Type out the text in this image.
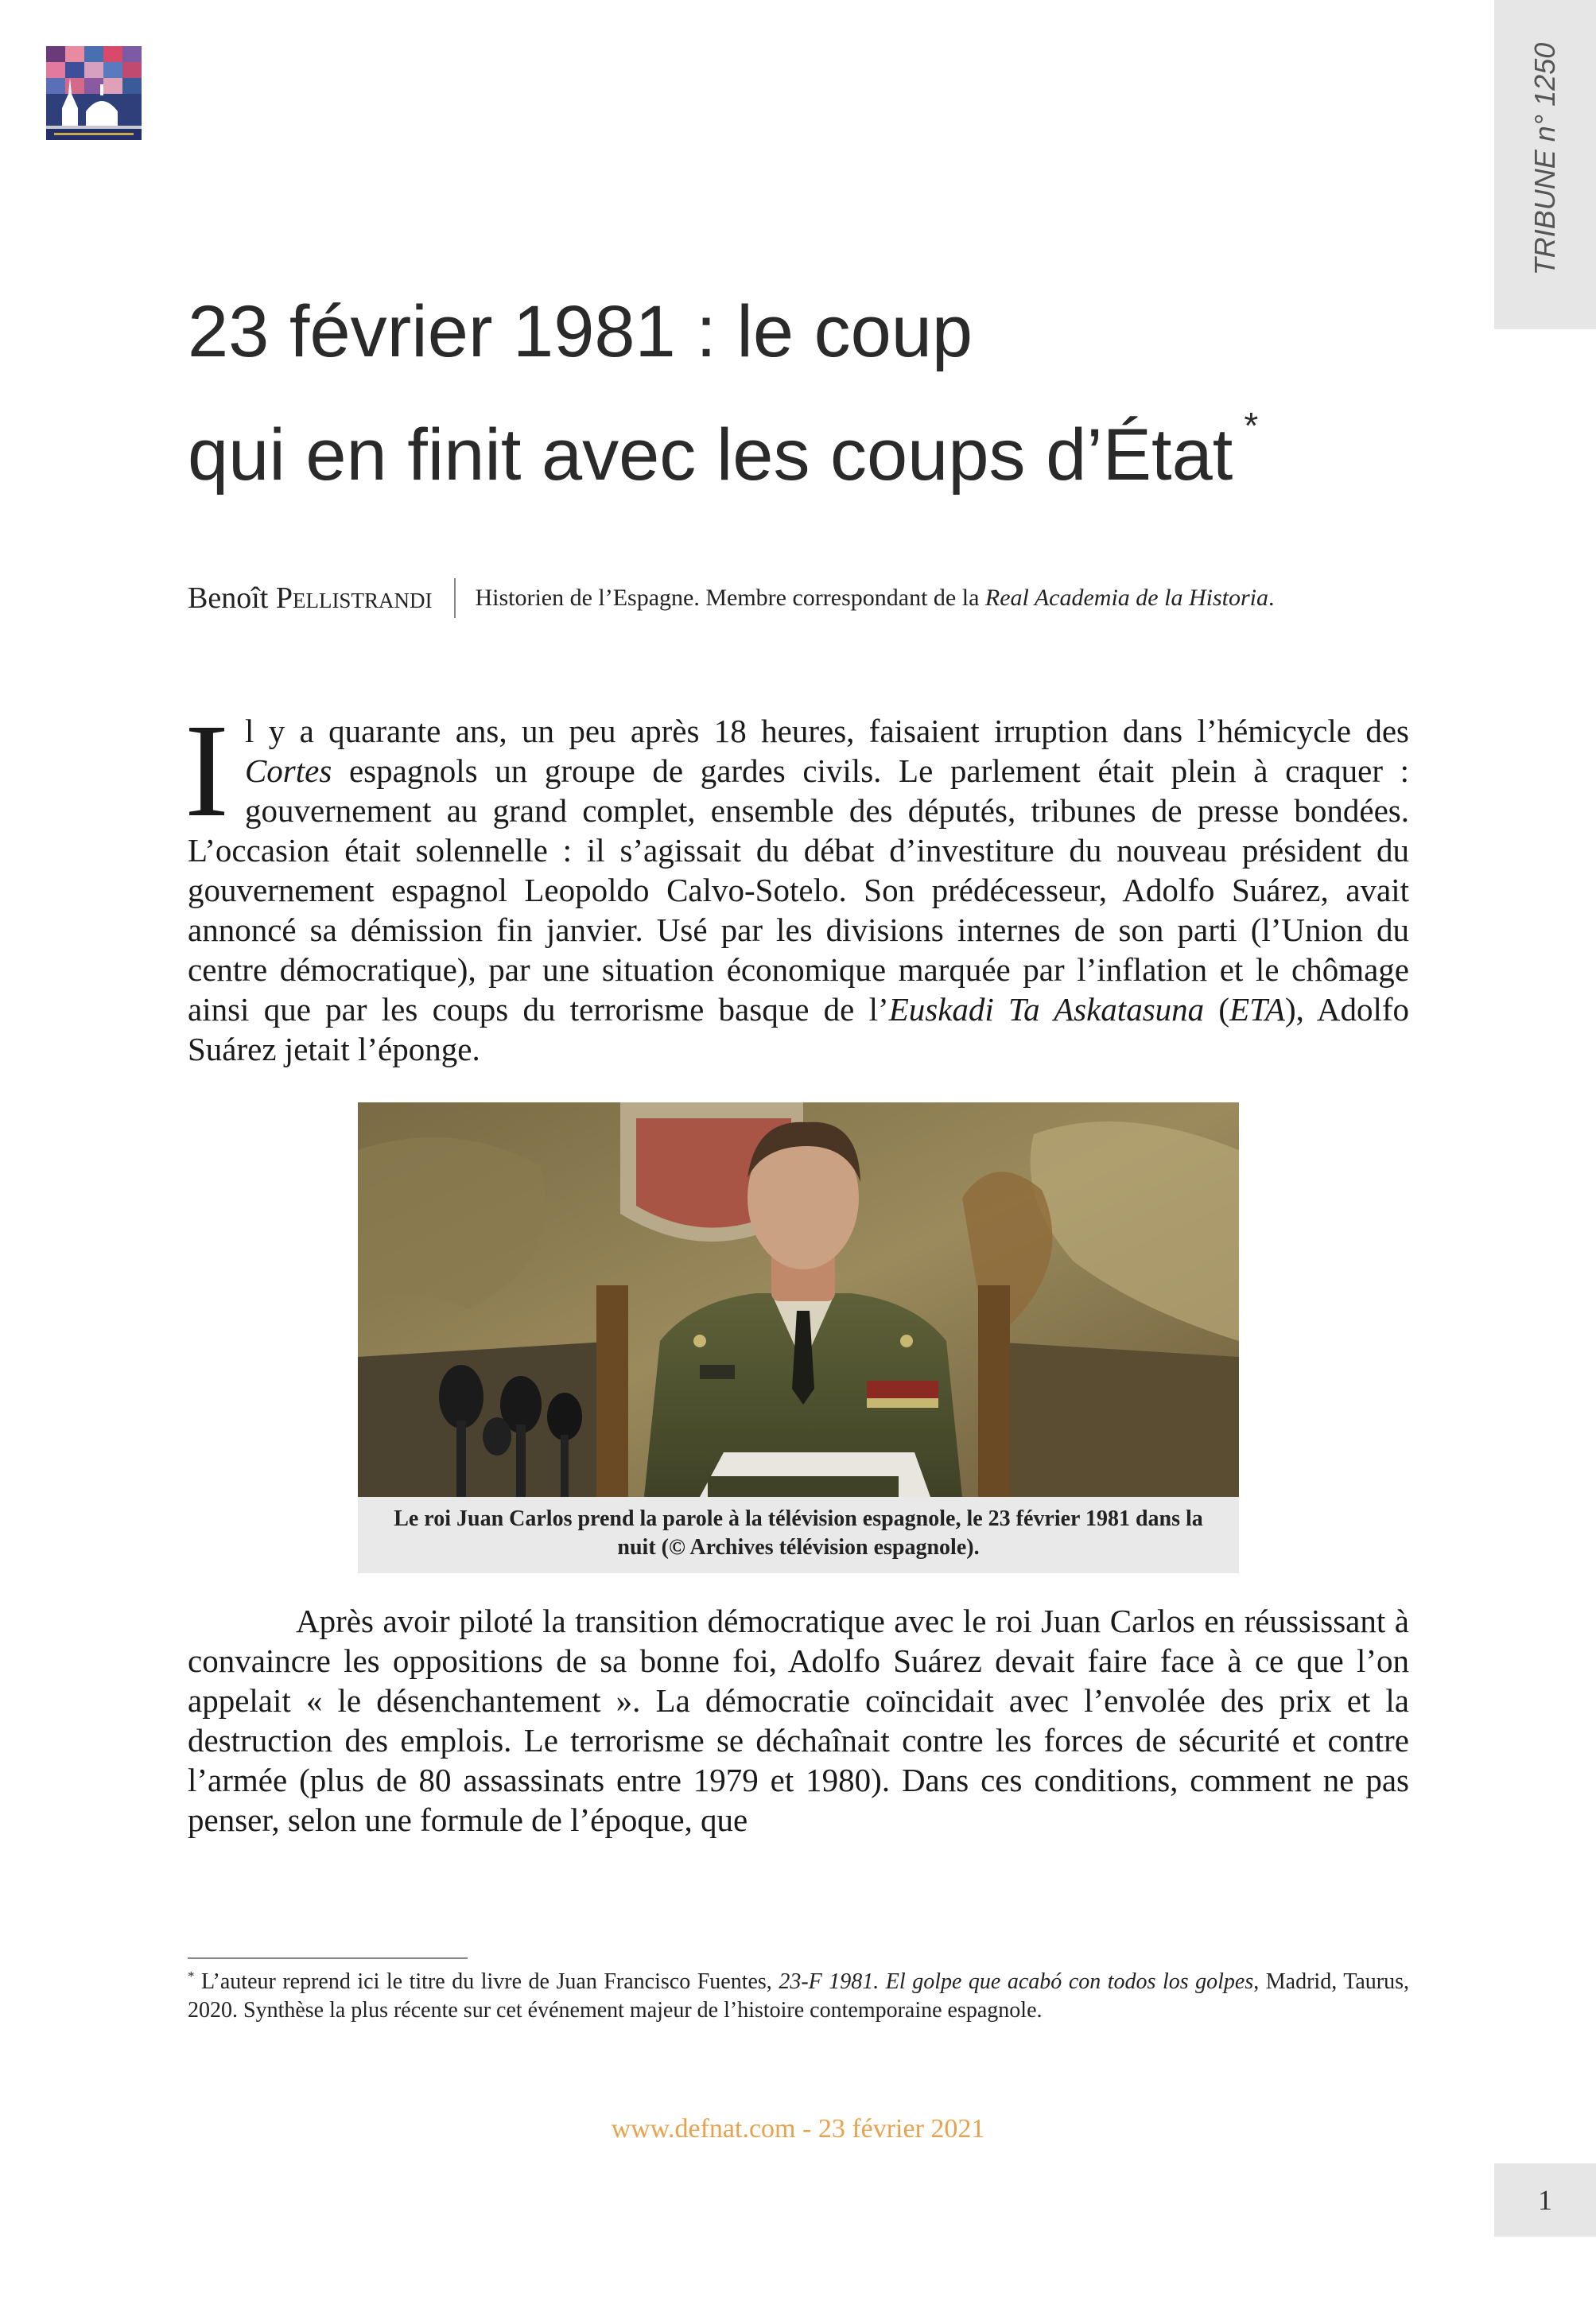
TRIBUNE n° 1250
23 février 1981 : le coup
qui en finit avec les coups d’État *
Benoît Pellistrandi Historien de l’Espagne. Membre correspondant de la Real Academia de la Historia.

Il y a quarante ans, un peu après 18 heures, faisaient irruption dans l’hémicycle des Cortes espagnols un groupe de gardes civils. Le parlement était plein à craquer : gouvernement au grand complet, ensemble des députés, tribunes de presse bondées. L’occasion était solennelle : il s’agissait du débat d’investiture du nouveau président du gouvernement espagnol Leopoldo Calvo-Sotelo. Son prédécesseur, Adolfo Suárez, avait annoncé sa démission fin janvier. Usé par les divisions internes de son parti (l’Union du centre démocratique), par une situation économique marquée par l’inflation et le chômage ainsi que par les coups du terrorisme basque de l’Euskadi Ta Askatasuna (ETA), Adolfo Suárez jetait l’éponge.

Le roi Juan Carlos prend la parole à la télévision espagnole, le 23 février 1981 dans la nuit (© Archives télévision espagnole).

Après avoir piloté la transition démocratique avec le roi Juan Carlos en réussissant à convaincre les oppositions de sa bonne foi, Adolfo Suárez devait faire face à ce que l’on appelait « le désenchantement ». La démocratie coïncidait avec l’envolée des prix et la destruction des emplois. Le terrorisme se déchaînait contre les forces de sécurité et contre l’armée (plus de 80 assassinats entre 1979 et 1980). Dans ces conditions, comment ne pas penser, selon une formule de l’époque, que

* L’auteur reprend ici le titre du livre de Juan Francisco Fuentes, 23-F 1981. El golpe que acabó con todos los golpes, Madrid, Taurus, 2020. Synthèse la plus récente sur cet événement majeur de l’histoire contemporaine espagnole.

www.defnat.com - 23 février 2021
1
